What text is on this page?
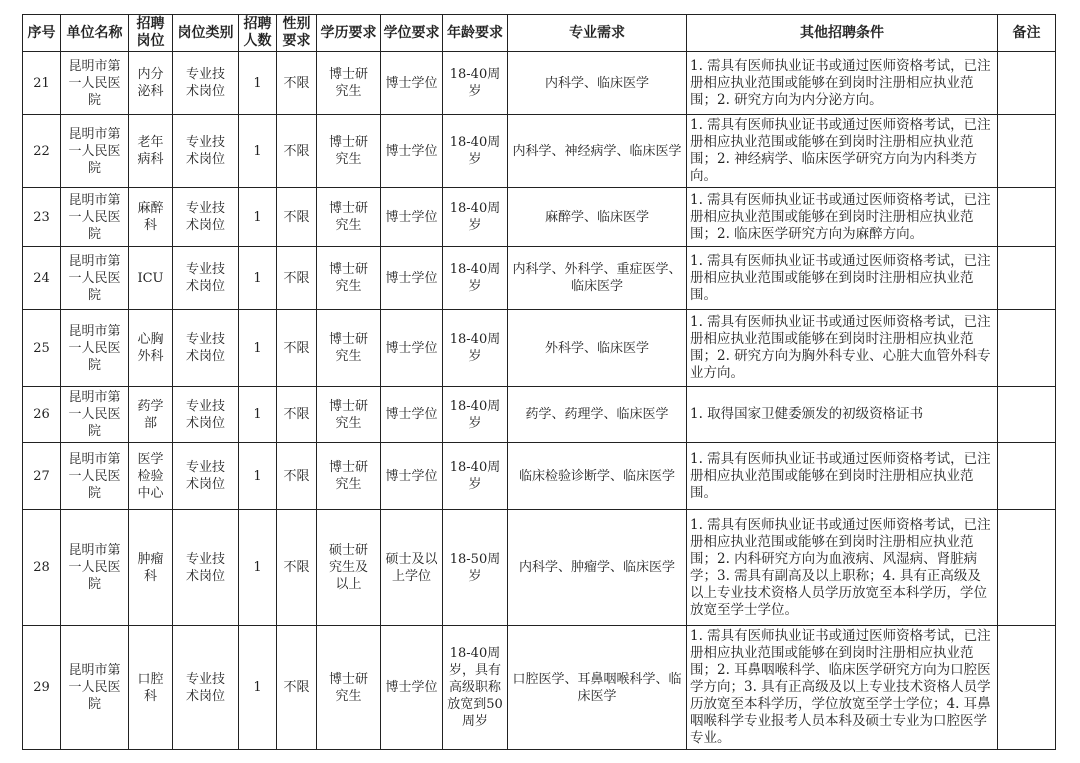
序号	单位名称	招聘岗位	岗位类别	招聘人数	性别要求	学历要求	学位要求	年龄要求	专业需求	其他招聘条件	备注
21	昆明市第一人民医院	内分泌科	专业技术岗位	1	不限	博士研究生	博士学位	18-40周岁	内科学、临床医学	1. 需具有医师执业证书或通过医师资格考试，已注册相应执业范围或能够在到岗时注册相应执业范围；2. 研究方向为内分泌方向。	
22	昆明市第一人民医院	老年病科	专业技术岗位	1	不限	博士研究生	博士学位	18-40周岁	内科学、神经病学、临床医学	1. 需具有医师执业证书或通过医师资格考试，已注册相应执业范围或能够在到岗时注册相应执业范围；2. 神经病学、临床医学研究方向为内科类方向。	
23	昆明市第一人民医院	麻醉科	专业技术岗位	1	不限	博士研究生	博士学位	18-40周岁	麻醉学、临床医学	1. 需具有医师执业证书或通过医师资格考试，已注册相应执业范围或能够在到岗时注册相应执业范围；2. 临床医学研究方向为麻醉方向。	
24	昆明市第一人民医院	ICU	专业技术岗位	1	不限	博士研究生	博士学位	18-40周岁	内科学、外科学、重症医学、临床医学	1. 需具有医师执业证书或通过医师资格考试，已注册相应执业范围或能够在到岗时注册相应执业范围。	
25	昆明市第一人民医院	心胸外科	专业技术岗位	1	不限	博士研究生	博士学位	18-40周岁	外科学、临床医学	1. 需具有医师执业证书或通过医师资格考试，已注册相应执业范围或能够在到岗时注册相应执业范围；2. 研究方向为胸外科专业、心脏大血管外科专业方向。	
26	昆明市第一人民医院	药学部	专业技术岗位	1	不限	博士研究生	博士学位	18-40周岁	药学、药理学、临床医学	1. 取得国家卫健委颁发的初级资格证书	
27	昆明市第一人民医院	医学检验中心	专业技术岗位	1	不限	博士研究生	博士学位	18-40周岁	临床检验诊断学、临床医学	1. 需具有医师执业证书或通过医师资格考试，已注册相应执业范围或能够在到岗时注册相应执业范围。	
28	昆明市第一人民医院	肿瘤科	专业技术岗位	1	不限	硕士研究生及以上	硕士及以上学位	18-50周岁	内科学、肿瘤学、临床医学	1. 需具有医师执业证书或通过医师资格考试，已注册相应执业范围或能够在到岗时注册相应执业范围；2. 内科研究方向为血液病、风湿病、肾脏病学；3. 需具有副高及以上职称；4. 具有正高级及以上专业技术资格人员学历放宽至本科学历，学位放宽至学士学位。	
29	昆明市第一人民医院	口腔科	专业技术岗位	1	不限	博士研究生	博士学位	18-40周岁，具有高级职称放宽到50周岁	口腔医学、耳鼻咽喉科学、临床医学	1. 需具有医师执业证书或通过医师资格考试，已注册相应执业范围或能够在到岗时注册相应执业范围；2. 耳鼻咽喉科学、临床医学研究方向为口腔医学方向；3. 具有正高级及以上专业技术资格人员学历放宽至本科学历，学位放宽至学士学位；4. 耳鼻咽喉科学专业报考人员本科及硕士专业为口腔医学专业。	
